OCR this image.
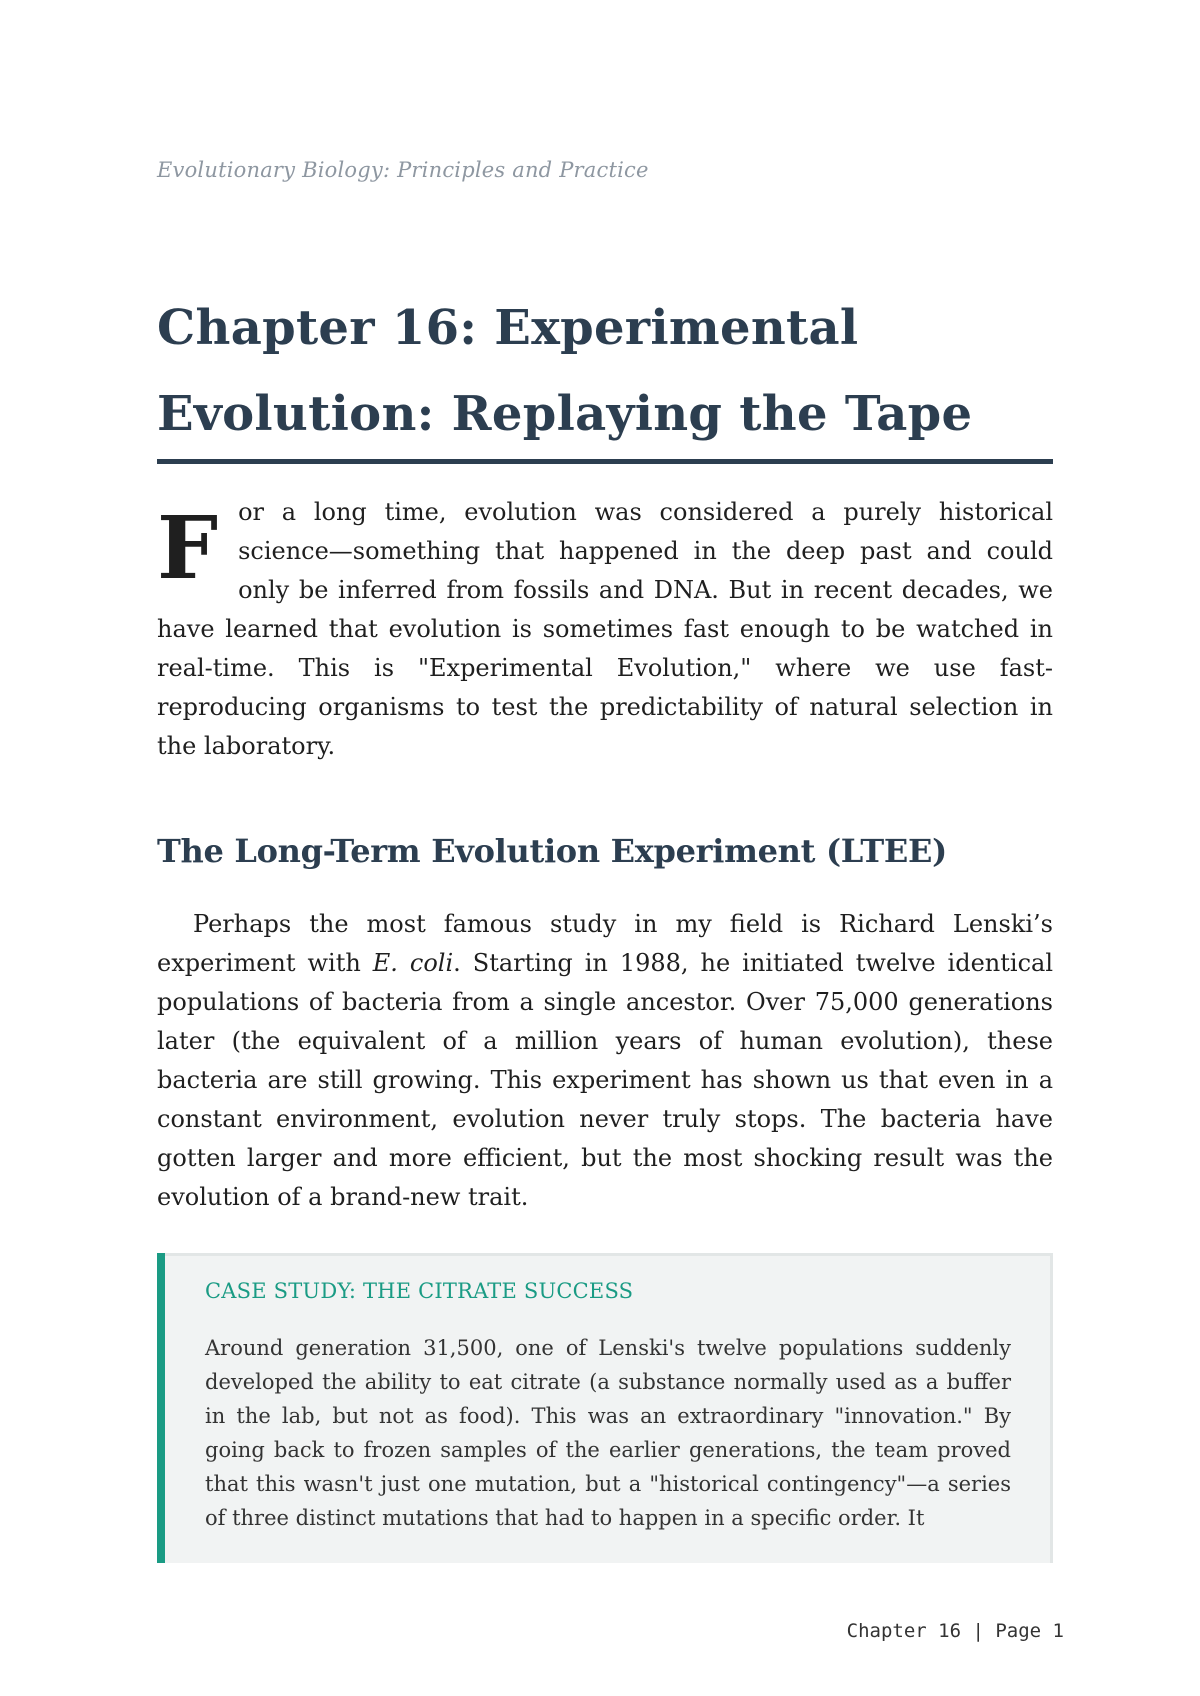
Evolutionary Biology: Principles and Practice
Chapter 16: Experimental Evolution: Replaying the Tape

For a long time, evolution was considered a purely historical science—something that happened in the deep past and could only be inferred from fossils and DNA. But in recent decades, we have learned that evolution is sometimes fast enough to be watched in real-time. This is "Experimental Evolution," where we use fast-reproducing organisms to test the predictability of natural selection in the laboratory.

The Long-Term Evolution Experiment (LTEE)

Perhaps the most famous study in my field is Richard Lenski’s experiment with E. coli. Starting in 1988, he initiated twelve identical populations of bacteria from a single ancestor. Over 75,000 generations later (the equivalent of a million years of human evolution), these bacteria are still growing. This experiment has shown us that even in a constant environment, evolution never truly stops. The bacteria have gotten larger and more efficient, but the most shocking result was the evolution of a brand-new trait.

CASE STUDY: THE CITRATE SUCCESS

Around generation 31,500, one of Lenski's twelve populations suddenly developed the ability to eat citrate (a substance normally used as a buffer in the lab, but not as food). This was an extraordinary "innovation." By going back to frozen samples of the earlier generations, the team proved that this wasn't just one mutation, but a "historical contingency"—a series of three distinct mutations that had to happen in a specific order. It

Chapter 16 | Page 1
